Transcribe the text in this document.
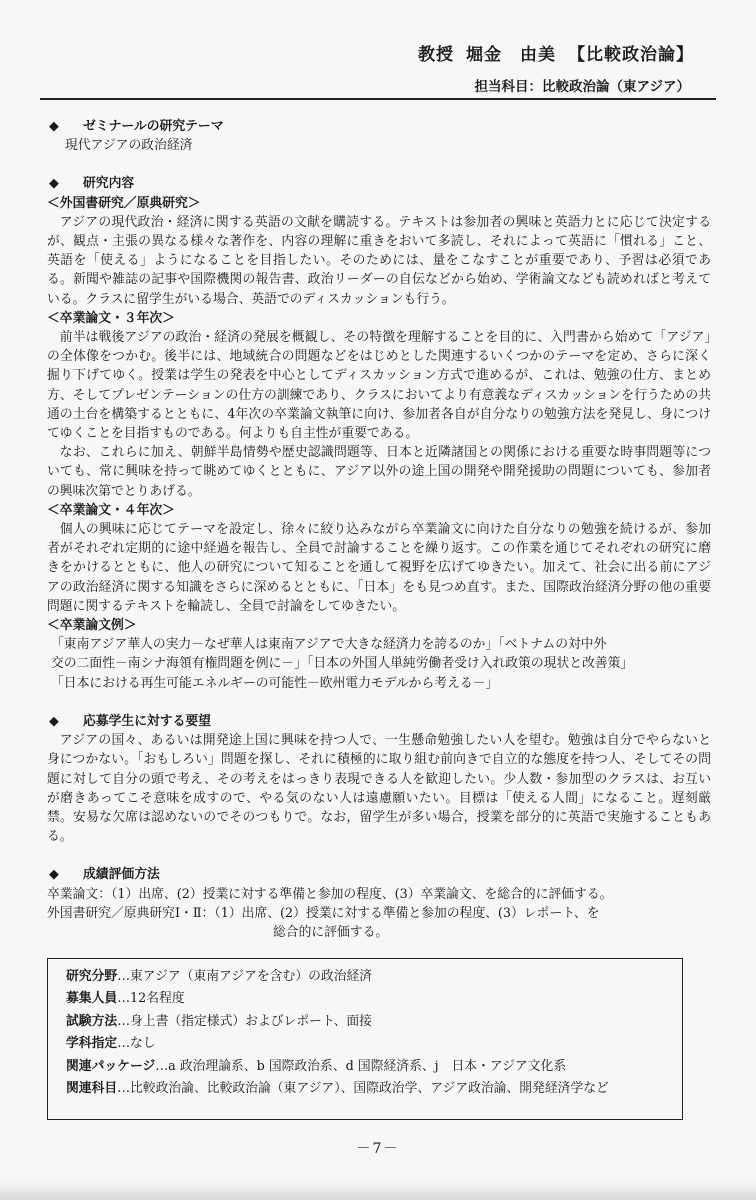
教授 堀金　由美 【比較政治論】
担当科目：比較政治論（東アジア）
◆ ゼミナールの研究テーマ
現代アジアの政治経済
◆ 研究内容
＜外国書研究／原典研究＞
アジアの現代政治・経済に関する英語の文献を購読する。テキストは参加者の興味と英語力とに応じて決定するが、観点・主張の異なる様々な著作を、内容の理解に重きをおいて多読し、それによって英語に「慣れる」こと、英語を「使える」ようになることを目指したい。そのためには、量をこなすことが重要であり、予習は必須である。新聞や雑誌の記事や国際機関の報告書、政治リーダーの自伝などから始め、学術論文なども読めればと考えている。クラスに留学生がいる場合、英語でのディスカッションも行う。
＜卒業論文・３年次＞
前半は戦後アジアの政治・経済の発展を概観し、その特徴を理解することを目的に、入門書から始めて「アジア」の全体像をつかむ。後半には、地域統合の問題などをはじめとした関連するいくつかのテーマを定め、さらに深く掘り下げてゆく。授業は学生の発表を中心としてディスカッション方式で進めるが、これは、勉強の仕方、まとめ方、そしてプレゼンテーションの仕方の訓練であり、クラスにおいてより有意義なディスカッションを行うための共通の土台を構築するとともに、4年次の卒業論文執筆に向け、参加者各自が自分なりの勉強方法を発見し、身につけてゆくことを目指すものである。何よりも自主性が重要である。
なお、これらに加え、朝鮮半島情勢や歴史認識問題等、日本と近隣諸国との関係における重要な時事問題等についても、常に興味を持って眺めてゆくとともに、アジア以外の途上国の開発や開発援助の問題についても、参加者の興味次第でとりあげる。
＜卒業論文・４年次＞
個人の興味に応じてテーマを設定し、徐々に絞り込みながら卒業論文に向けた自分なりの勉強を続けるが、参加者がそれぞれ定期的に途中経過を報告し、全員で討論することを繰り返す。この作業を通じてそれぞれの研究に磨きをかけるとともに、他人の研究について知ることを通して視野を広げてゆきたい。加えて、社会に出る前にアジアの政治経済に関する知識をさらに深めるとともに、「日本」をも見つめ直す。また、国際政治経済分野の他の重要問題に関するテキストを輪読し、全員で討論をしてゆきたい。
＜卒業論文例＞
「東南アジア華人の実力－なぜ華人は東南アジアで大きな経済力を誇るのか」「ベトナムの対中外
交の二面性－南シナ海領有権問題を例に－」「日本の外国人単純労働者受け入れ政策の現状と改善策」
「日本における再生可能エネルギーの可能性－欧州電力モデルから考える－」
◆ 応募学生に対する要望
アジアの国々、あるいは開発途上国に興味を持つ人で、一生懸命勉強したい人を望む。勉強は自分でやらないと身につかない。「おもしろい」問題を探し、それに積極的に取り組む前向きで自立的な態度を持つ人、そしてその問題に対して自分の頭で考え、その考えをはっきり表現できる人を歓迎したい。少人数・参加型のクラスは、お互いが磨きあってこそ意味を成すので、やる気のない人は遠慮願いたい。目標は「使える人間」になること。遅刻厳禁。安易な欠席は認めないのでそのつもりで。なお，留学生が多い場合，授業を部分的に英語で実施することもある。
◆ 成績評価方法
卒業論文：（1）出席、(2）授業に対する準備と参加の程度、(3）卒業論文、を総合的に評価する。
外国書研究／原典研究Ⅰ・Ⅱ：（1）出席、(2）授業に対する準備と参加の程度、(3）レポート、を
総合的に評価する。
研究分野…東アジア（東南アジアを含む）の政治経済
募集人員…12名程度
試験方法…身上書（指定様式）およびレポート、面接
学科指定…なし
関連パッケージ…a 政治理論系、b 国際政治系、d 国際経済系、j　日本・アジア文化系
関連科目…比較政治論、比較政治論（東アジア）、国際政治学、アジア政治論、開発経済学など
－7－
